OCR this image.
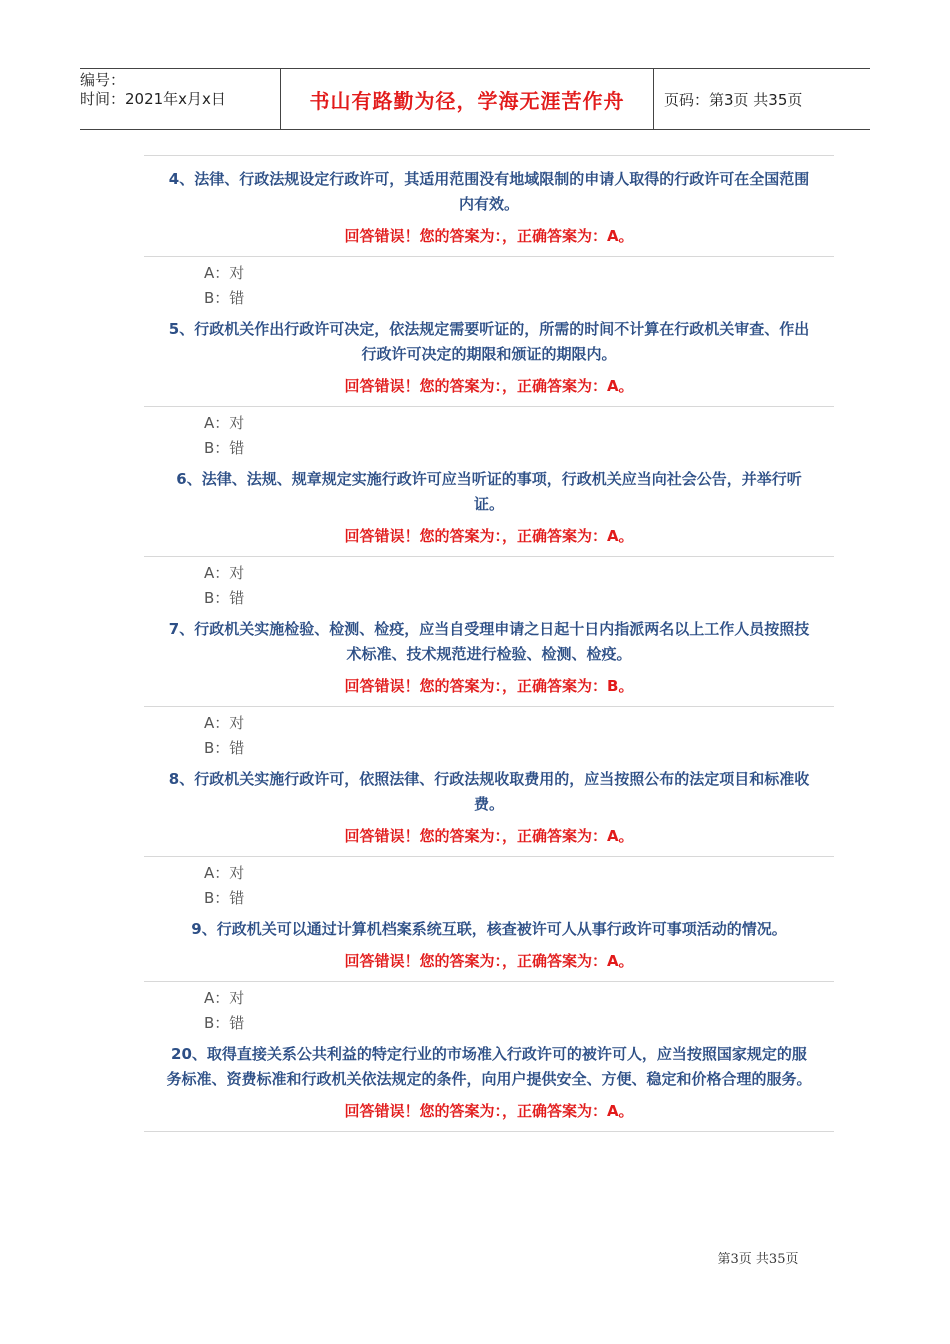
编号：
时间：2021年x月x日	书山有路勤为径，学海无涯苦作舟	页码：第3页 共35页
4、法律、行政法规设定行政许可，其适用范围没有地域限制的申请人取得的行政许可在全国范围内有效。
回答错误！您的答案为：，正确答案为：A。
A：对
B：错
5、行政机关作出行政许可决定，依法规定需要听证的，所需的时间不计算在行政机关审查、作出行政许可决定的期限和颁证的期限内。
回答错误！您的答案为：，正确答案为：A。
A：对
B：错
6、法律、法规、规章规定实施行政许可应当听证的事项，行政机关应当向社会公告，并举行听证。
回答错误！您的答案为：，正确答案为：A。
A：对
B：错
7、行政机关实施检验、检测、检疫，应当自受理申请之日起十日内指派两名以上工作人员按照技术标准、技术规范进行检验、检测、检疫。
回答错误！您的答案为：，正确答案为：B。
A：对
B：错
8、行政机关实施行政许可，依照法律、行政法规收取费用的，应当按照公布的法定项目和标准收费。
回答错误！您的答案为：，正确答案为：A。
A：对
B：错
9、行政机关可以通过计算机档案系统互联，核查被许可人从事行政许可事项活动的情况。
回答错误！您的答案为：，正确答案为：A。
A：对
B：错
20、取得直接关系公共利益的特定行业的市场准入行政许可的被许可人，应当按照国家规定的服务标准、资费标准和行政机关依法规定的条件，向用户提供安全、方便、稳定和价格合理的服务。
回答错误！您的答案为：，正确答案为：A。
第3页 共35页
